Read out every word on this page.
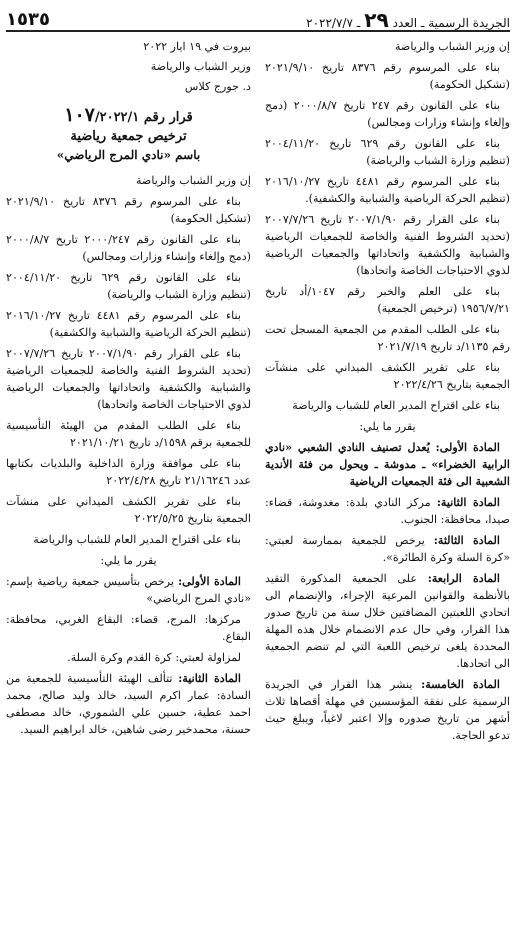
الجريدة الرسمية ـ العدد
٢٩
ـ ٢٠٢٢/٧/٧
١٥٣٥

إن وزير الشباب والرياضة

بناء على المرسوم رقم ٨٣٧٦ تاريخ ٢٠٢١/٩/١٠ (تشكيل الحكومة)

بناء على القانون رقم ٢٤٧ تاريخ ٢٠٠٠/٨/٧ (دمج وإلغاء وإنشاء وزارات ومجالس)

بناء على القانون رقم ٦٢٩ تاريخ ٢٠٠٤/١١/٢٠ (تنظيم وزارة الشباب والرياضة)

بناء على المرسوم رقم ٤٤٨١ تاريخ ٢٠١٦/١٠/٢٧ (تنظيم الحركة الرياضية والشبابية والكشفية).

بناء على القرار رقم ٢٠٠٧/١/٩٠ تاريخ ٢٠٠٧/٧/٢٦ (تحديد الشروط الفنية والخاصة للجمعيات الرياضية والشبابية والكشفية واتحاداتها والجمعيات الرياضية لذوي الاحتياجات الخاصة واتحادها)

بناء على العلم والخبر رقم ١٠٤٧/أد تاريخ ١٩٥٦/٧/٢١ (ترخيص الجمعية)

بناء على الطلب المقدم من الجمعية المسجل تحت رقم ١١٣٥/د تاريخ ٢٠٢١/٧/١٩

بناء على تقرير الكشف الميداني على منشآت الجمعية بتاريخ ٢٠٢٢/٤/٢٦

بناء على اقتراح المدير العام للشباب والرياضة

يقرر ما يلي:

المادة الأولى: يُعدل تصنيف النادي الشعبي «نادي الرابية الخضراء» ـ مدوشة ـ ويحول من فئة الأندية الشعبية الى فئة الجمعيات الرياضية

المادة الثانية: مركز النادي بلدة: مغدوشة، قضاء: صيدا، محافظة: الجنوب.

المادة الثالثة: يرخص للجمعية بممارسة لعبتي: «كرة السلة وكرة الطائرة».

المادة الرابعة: على الجمعية المذكورة التقيد بالأنظمة والقوانين المرعية الإجراء، والإنضمام الى اتحادي اللعبتين المضافتين خلال سنة من تاريخ صدور هذا القرار، وفي حال عدم الانضمام خلال هذه المهلة المحددة يلغى ترخيص اللعبة التي لم تنضم الجمعية الى اتحادها.

المادة الخامسة: ينشر هذا القرار في الجريدة الرسمية على نفقة المؤسسين في مهلة أقصاها ثلاث أشهر من تاريخ صدوره وإلا اعتبر لاغياً، ويبلغ حيث تدعو الحاجة.

بيروت في ١٩ ايار ٢٠٢٢
وزير الشباب والرياضة
د. جورج كلاس
قرار رقم ١٠٧/٢٠٢٢/١
ترخيص جمعية رياضية
باسم «نادي المرج الرياضي»

إن وزير الشباب والرياضة

بناء على المرسوم رقم ٨٣٧٦ تاريخ ٢٠٢١/٩/١٠ (تشكيل الحكومة)

بناء على القانون رقم ٢٠٠٠/٢٤٧ تاريخ ٢٠٠٠/٨/٧ (دمج وإلغاء وإنشاء وزارات ومجالس)

بناء على القانون رقم ٦٢٩ تاريخ ٢٠٠٤/١١/٢٠ (تنظيم وزارة الشباب والرياضة)

بناء على المرسوم رقم ٤٤٨١ تاريخ ٢٠١٦/١٠/٢٧ (تنظيم الحركة الرياضية والشبابية والكشفية)

بناء على القرار رقم ٢٠٠٧/١/٩٠ تاريخ ٢٠٠٧/٧/٢٦ (تحديد الشروط الفنية والخاصة للجمعيات الرياضية والشبابية والكشفية واتحاداتها والجمعيات الرياضية لذوي الاحتياجات الخاصة واتحادها)

بناء على الطلب المقدم من الهيئة التأسيسية للجمعية برقم ١٥٩٨/د تاريخ ٢٠٢١/١٠/٢١

بناء على موافقة وزارة الداخلية والبلديات بكتابها عدد ٢١/١٦٢٤٦ تاريخ ٢٠٢٢/٤/٢٨

بناء على تقرير الكشف الميداني على منشآت الجمعية بتاريخ ٢٠٢٢/٥/٢٥

بناء على اقتراح المدير العام للشباب والرياضة

يقرر ما يلي:

المادة الأولى: يرخص بتأسيس جمعية رياضية بإسم: «نادي المرج الرياضي»

مركزها: المرج، قضاء: البقاع الغربي، محافظة: البقاع.

لمزاولة لعبتي: كرة القدم وكرة السلة.

المادة الثانية: تتألف الهيئة التأسيسية للجمعية من السادة: عمار اكرم السيد، خالد وليد صالح، محمد احمد عطية، حسين علي الشموري، خالد مصطفى حسنة، محمدخير رضى شاهين، خالد ابراهيم السيد.
